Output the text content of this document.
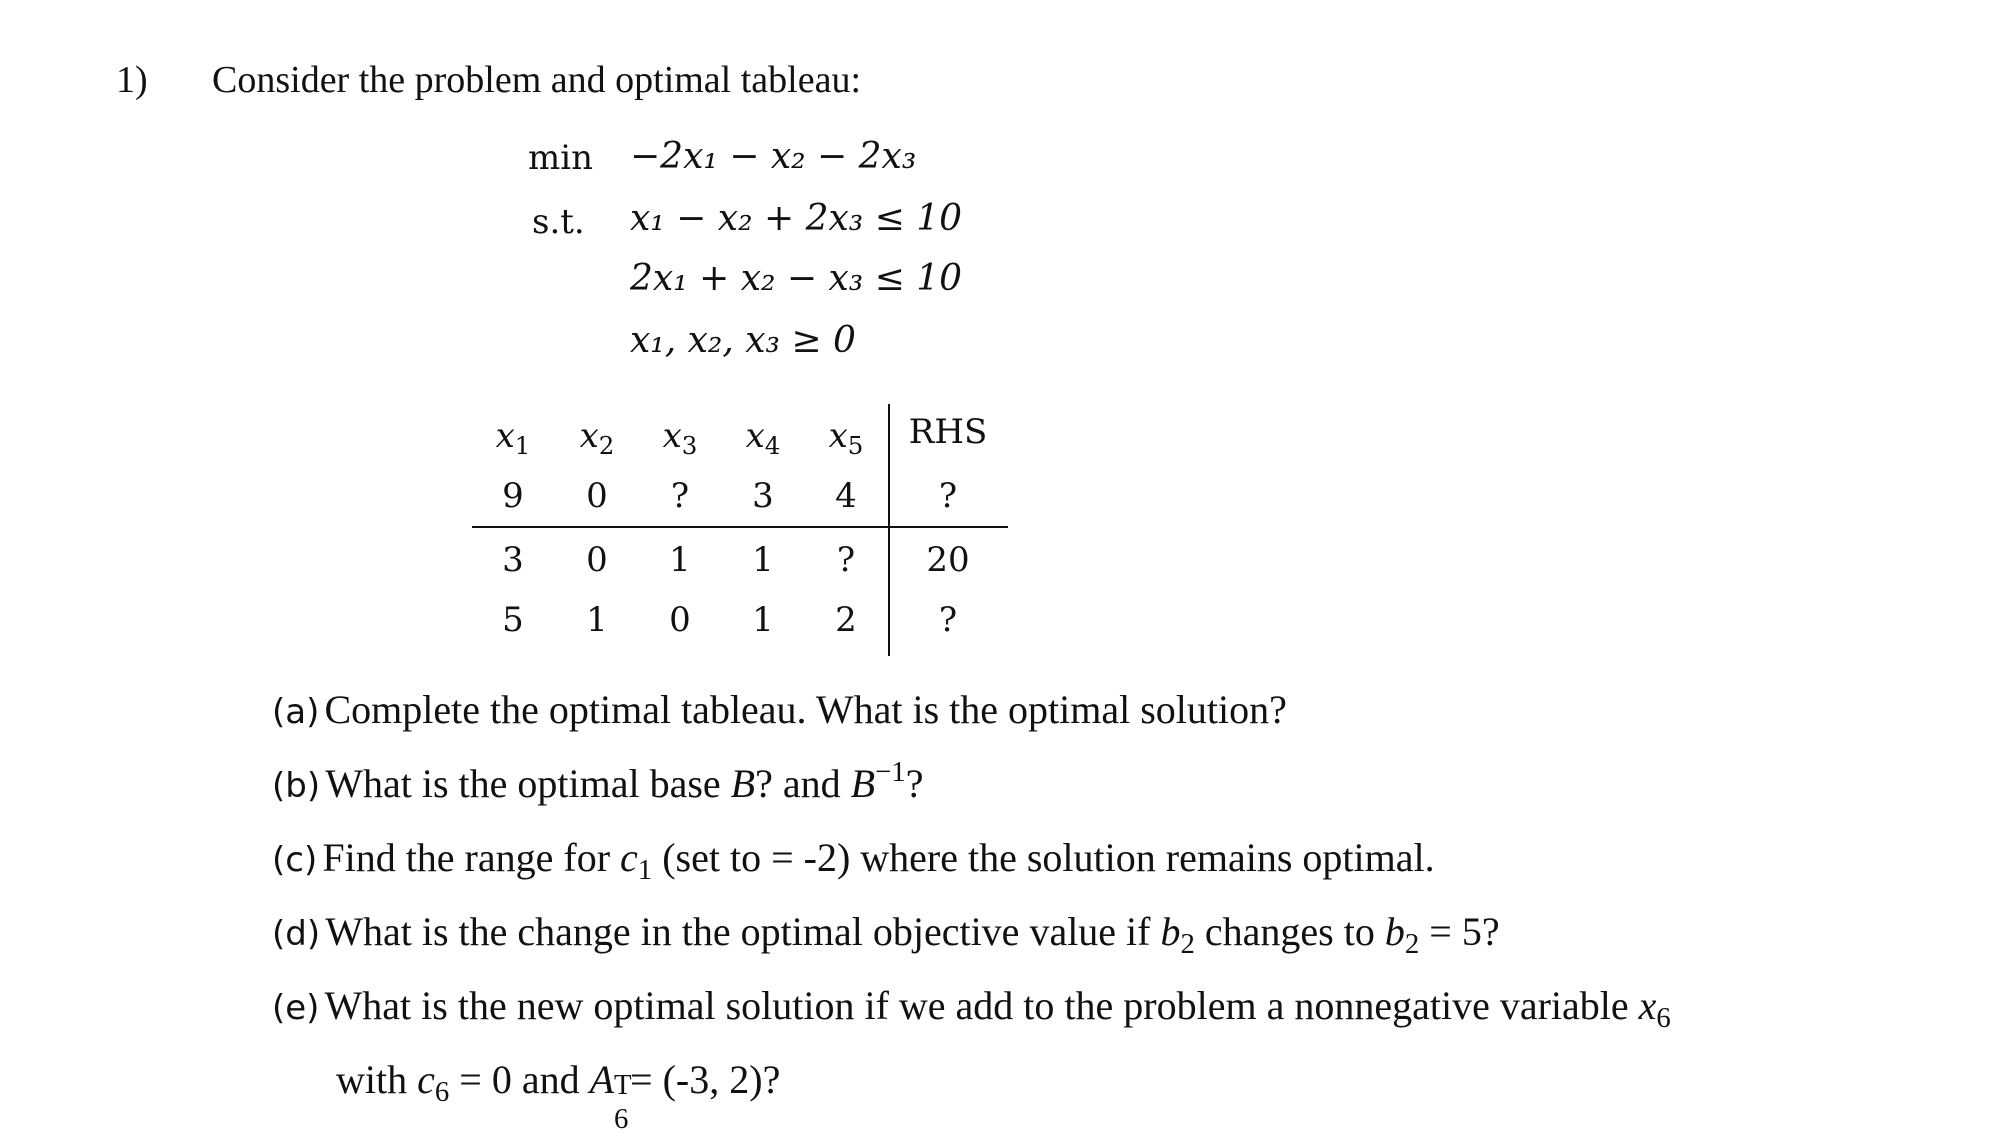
1) Consider the problem and optimal tableau:
min −2x₁ − x₂ − 2x₃
s.t. x₁ − x₂ + 2x₃ ≤ 10
2x₁ + x₂ − x₃ ≤ 10
x₁, x₂, x₃ ≥ 0
$x_1$	$x_2$	$x_3$	$x_4$	$x_5$	RHS
9	0	?	3	4	?
3	0	1	1	?	20
5	1	0	1	2	?
(a) Complete the optimal tableau. What is the optimal solution?
(b) What is the optimal base B? and $B^{-1}$?
(c) Find the range for $c_1$ (set to = -2) where the solution remains optimal.
(d) What is the change in the optimal objective value if $b_2$ changes to $b_2 = 5$?
(e) What is the new optimal solution if we add to the problem a nonnegative variable $x_6$
with $c_6 = 0$ and A T
6
= (-3, 2)?
